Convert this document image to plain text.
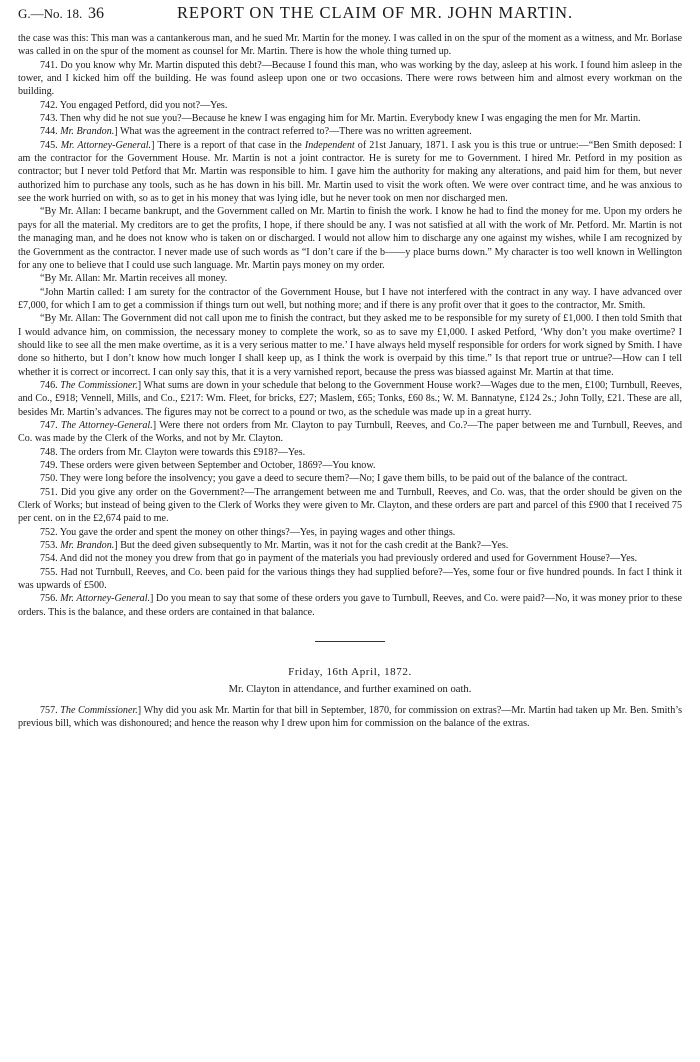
G.—No. 18. 36	REPORT ON THE CLAIM OF MR. JOHN MARTIN.

the case was this: This man was a cantankerous man, and he sued Mr. Martin for the money. I was called in on the spur of the moment as a witness, and Mr. Borlase was called in on the spur of the moment as counsel for Mr. Martin. There is how the whole thing turned up.

741. Do you know why Mr. Martin disputed this debt?—Because I found this man, who was working by the day, asleep at his work. I found him asleep in the tower, and I kicked him off the building. He was found asleep upon one or two occasions. There were rows between him and almost every workman on the building.

742. You engaged Petford, did you not?—Yes.

743. Then why did he not sue you?—Because he knew I was engaging him for Mr. Martin. Everybody knew I was engaging the men for Mr. Martin.

744. Mr. Brandon.] What was the agreement in the contract referred to?—There was no written agreement.

745. Mr. Attorney-General.] There is a report of that case in the Independent of 21st January, 1871. I ask you is this true or untrue:—“Ben Smith deposed: I am the contractor for the Government House. Mr. Martin is not a joint contractor. He is surety for me to Government. I hired Mr. Petford in my position as contractor; but I never told Petford that Mr. Martin was responsible to him. I gave him the authority for making any alterations, and paid him for them, but never authorized him to purchase any tools, such as he has down in his bill. Mr. Martin used to visit the work often. We were over contract time, and he was anxious to see the work hurried on with, so as to get in his money that was lying idle, but he never took on men nor discharged men.

“By Mr. Allan: I became bankrupt, and the Government called on Mr. Martin to finish the work. I know he had to find the money for me. Upon my orders he pays for all the material. My creditors are to get the profits, I hope, if there should be any. I was not satisfied at all with the work of Mr. Petford. Mr. Martin is not the managing man, and he does not know who is taken on or discharged. I would not allow him to discharge any one against my wishes, while I am recognized by the Government as the contractor. I never made use of such words as “I don’t care if the b——y place burns down.” My character is too well known in Wellington for any one to believe that I could use such language. Mr. Martin pays money on my order.

“By Mr. Allan: Mr. Martin receives all money.

“John Martin called: I am surety for the contractor of the Government House, but I have not interfered with the contract in any way. I have advanced over £7,000, for which I am to get a commission if things turn out well, but nothing more; and if there is any profit over that it goes to the contractor, Mr. Smith.

“By Mr. Allan: The Government did not call upon me to finish the contract, but they asked me to be responsible for my surety of £1,000. I then told Smith that I would advance him, on commission, the necessary money to complete the work, so as to save my £1,000. I asked Petford, ‘Why don’t you make overtime? I should like to see all the men make overtime, as it is a very serious matter to me.’ I have always held myself responsible for orders for work signed by Smith. I have done so hitherto, but I don’t know how much longer I shall keep up, as I think the work is overpaid by this time.” Is that report true or untrue?—How can I tell whether it is correct or incorrect. I can only say this, that it is a very varnished report, because the press was biassed against Mr. Martin at that time.

746. The Commissioner.] What sums are down in your schedule that belong to the Government House work?—Wages due to the men, £100; Turnbull, Reeves, and Co., £918; Vennell, Mills, and Co., £217: Wm. Fleet, for bricks, £27; Maslem, £65; Tonks, £60 8s.; W. M. Bannatyne, £124 2s.; John Tolly, £21. These are all, besides Mr. Martin’s advances. The figures may not be correct to a pound or two, as the schedule was made up in a great hurry.

747. The Attorney-General.] Were there not orders from Mr. Clayton to pay Turnbull, Reeves, and Co.?—The paper between me and Turnbull, Reeves, and Co. was made by the Clerk of the Works, and not by Mr. Clayton.

748. The orders from Mr. Clayton were towards this £918?—Yes.

749. These orders were given between September and October, 1869?—You know.

750. They were long before the insolvency; you gave a deed to secure them?—No; I gave them bills, to be paid out of the balance of the contract.

751. Did you give any order on the Government?—The arrangement between me and Turnbull, Reeves, and Co. was, that the order should be given on the Clerk of Works; but instead of being given to the Clerk of Works they were given to Mr. Clayton, and these orders are part and parcel of this £900 that I received 75 per cent. on in the £2,674 paid to me.

752. You gave the order and spent the money on other things?—Yes, in paying wages and other things.

753. Mr. Brandon.] But the deed given subsequently to Mr. Martin, was it not for the cash credit at the Bank?—Yes.

754. And did not the money you drew from that go in payment of the materials you had previously ordered and used for Government House?—Yes.

755. Had not Turnbull, Reeves, and Co. been paid for the various things they had supplied before?—Yes, some four or five hundred pounds. In fact I think it was upwards of £500.

756. Mr. Attorney-General.] Do you mean to say that some of these orders you gave to Turnbull, Reeves, and Co. were paid?—No, it was money prior to these orders. This is the balance, and these orders are contained in that balance.

Friday, 16th April, 1872.

Mr. Clayton in attendance, and further examined on oath.

757. The Commissioner.] Why did you ask Mr. Martin for that bill in September, 1870, for commission on extras?—Mr. Martin had taken up Mr. Ben. Smith’s previous bill, which was dishonoured; and hence the reason why I drew upon him for commission on the balance of the extras.
